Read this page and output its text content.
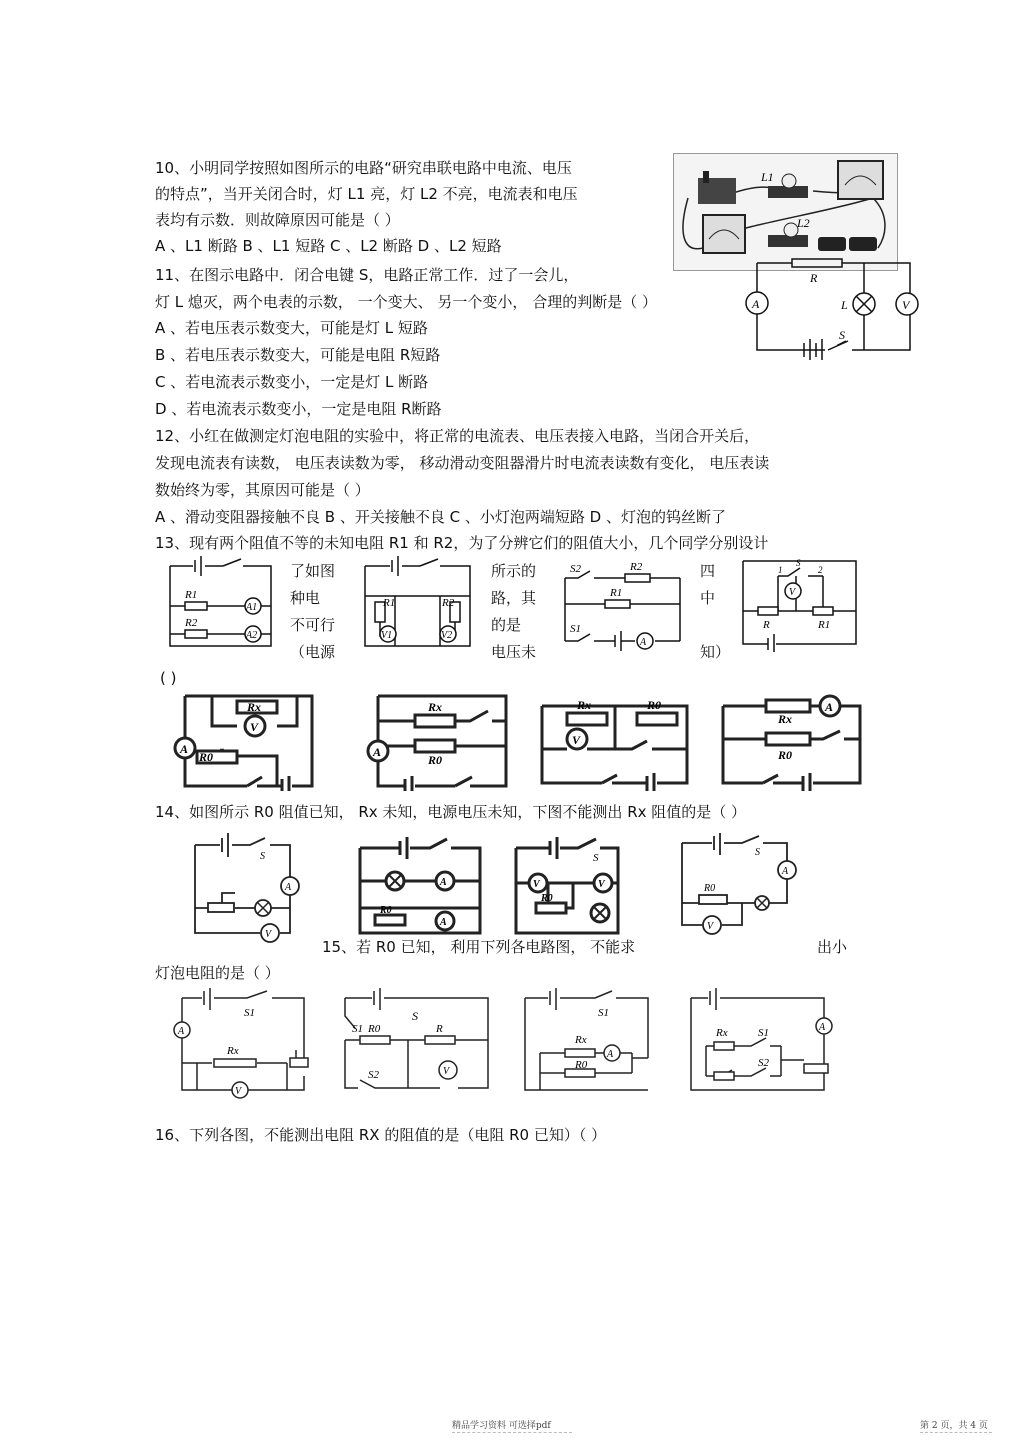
10、小明同学按照如图所示的电路“研究串联电路中电流、电压
的特点”，当开关闭合时，灯 L1 亮，灯 L2 不亮，电流表和电压
表均有示数．则故障原因可能是（ ）
A 、L1 断路 B 、L1 短路 C 、L2 断路 D 、L2 短路
L1
L2
11、在图示电路中．闭合电键 S，电路正常工作．过了一会儿，
灯 L 熄灭，两个电表的示数， 一个变大、 另一个变小， 合理的判断是（ ）
A 、若电压表示数变大，可能是灯 L 短路
B 、若电压表示数变大，可能是电阻 R短路
C 、若电流表示数变小，一定是灯 L 断路
D 、若电流表示数变小，一定是电阻 R断路
R
A	L	V
S
12、小红在做测定灯泡电阻的实验中，将正常的电流表、电压表接入电路，当闭合开关后，
发现电流表有读数， 电压表读数为零， 移动滑动变阻器滑片时电流表读数有变化， 电压表读
数始终为零，其原因可能是（ ）
A 、滑动变阻器接触不良 B 、开关接触不良 C 、小灯泡两端短路 D 、灯泡的钨丝断了
13、现有两个阻值不等的未知电阻 R1 和 R2，为了分辨它们的阻值大小，几个同学分别设计
了如图
种电
不可行
（电源
所示的
路，其
的是
电压未
四
中
知）
( )
R1
R2
A1
A2
R1	R2
V1	V2
S2	R2
R1
S1
A
1
S
2
V
R	R1
Rx
V
A
R0
Rx
R0
A
Rx	R0
V
Rx
A
R0
14、如图所示 R0 阻值已知， Rx 未知，电源电压未知，下图不能测出 Rx 阻值的是（ ）
S
A
V
A
R0
A
S
V	V
R0
S
A
R0
V
15、若 R0 已知， 利用下列各电路图， 不能求	出小
灯泡电阻的是（ ）
S1
A
Rx
V
S
S1 R0	R
S2	V
S1
Rx
A
R0
Rx	S1	A
S2
16、下列各图，不能测出电阻 RX 的阻值的是（电阻 R0 已知）（ ）
精品学习资料 可选择pdf	第 2 页，共 4 页
